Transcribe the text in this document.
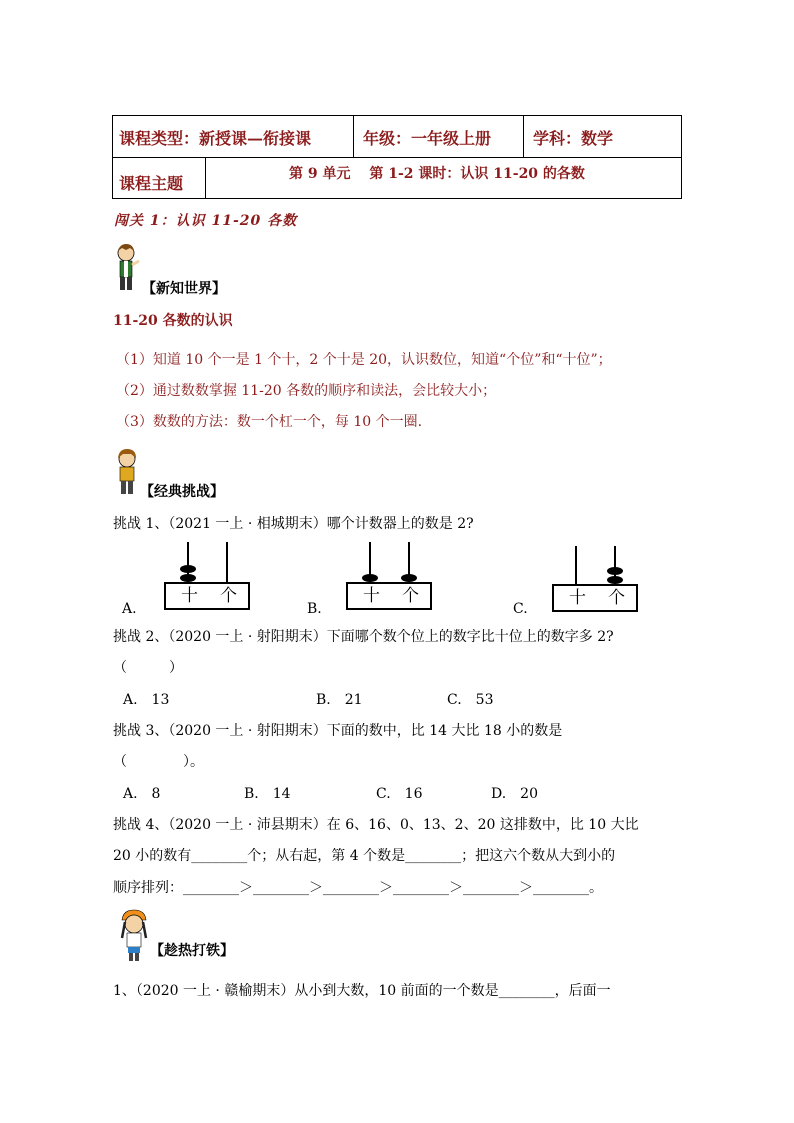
课程类型：新授课—衔接课	年级：一年级上册	学科：数学
课程主题	第 9 单元　 第 1-2 课时：认识 11-20 的各数
闯关 1：认识 11-20 各数
【新知世界】
11-20 各数的认识
（1）知道 10 个一是 1 个十，2 个十是 20，认识数位，知道“个位”和“十位”；
（2）通过数数掌握 11-20 各数的顺序和读法，会比较大小；
（3）数数的方法：数一个杠一个，每 10 个一圈.
【经典挑战】
挑战 1、（2021 一上 · 相城期末）哪个计数器上的数是 2?
十 个	十 个	十 个
A.	B.	C.
挑战 2、（2020 一上 · 射阳期末）下面哪个数个位上的数字比十位上的数字多 2?
（　　　）
A.　13	B.　21	C.　53
挑战 3、（2020 一上 · 射阳期末）下面的数中，比 14 大比 18 小的数是
（　　　　）。
A.　8	B.　14	C.　16	D.　20
挑战 4、（2020 一上 · 沛县期末）在 6、16、0、13、2、20 这排数中，比 10 大比
20 小的数有________个；从右起，第 4 个数是________；把这六个数从大到小的
顺序排列：________＞________＞________＞________＞________＞________。
【趁热打铁】
1、（2020 一上 · 赣榆期末）从小到大数，10 前面的一个数是________，后面一
